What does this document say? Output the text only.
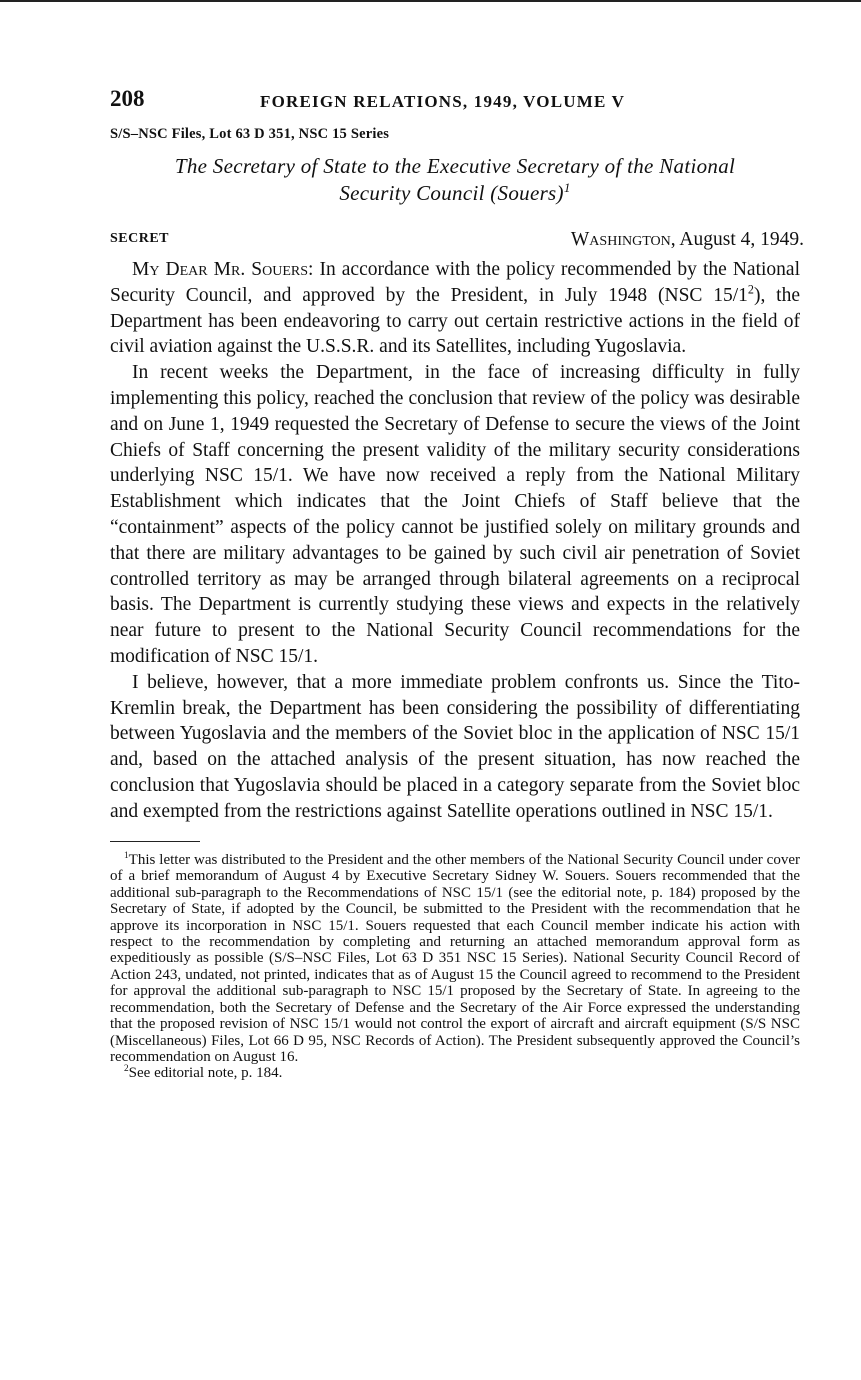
208	FOREIGN RELATIONS, 1949, VOLUME V

S/S–NSC Files, Lot 63 D 351, NSC 15 Series

The Secretary of State to the Executive Secretary of the National
Security Council (Souers)$^1$
SECRET	Washington, August 4, 1949.

My Dear Mr. Souers: In accordance with the policy recommended by the National Security Council, and approved by the President, in July 1948 (NSC $15/1^2$), the Department has been endeavoring to carry out certain restrictive actions in the field of civil aviation against the U.S.S.R. and its Satellites, including Yugoslavia.

In recent weeks the Department, in the face of increasing difficulty in fully implementing this policy, reached the conclusion that review of the policy was desirable and on June 1, 1949 requested the Secretary of Defense to secure the views of the Joint Chiefs of Staff concerning the present validity of the military security considerations underlying NSC 15/1. We have now received a reply from the National Military Establishment which indicates that the Joint Chiefs of Staff believe that the “containment” aspects of the policy cannot be justified solely on military grounds and that there are military advantages to be gained by such civil air penetration of Soviet controlled territory as may be arranged through bilateral agreements on a reciprocal basis. The Department is currently studying these views and expects in the relatively near future to present to the National Security Council recommendations for the modification of NSC 15/1.

I believe, however, that a more immediate problem confronts us. Since the Tito-Kremlin break, the Department has been considering the possibility of differentiating between Yugoslavia and the members of the Soviet bloc in the application of NSC 15/1 and, based on the attached analysis of the present situation, has now reached the conclusion that Yugoslavia should be placed in a category separate from the Soviet bloc and exempted from the restrictions against Satellite operations outlined in NSC 15/1.

$^1$This letter was distributed to the President and the other members of the National Security Council under cover of a brief memorandum of August 4 by Executive Secretary Sidney W. Souers. Souers recommended that the additional sub-paragraph to the Recommendations of NSC 15/1 (see the editorial note, p. 184) proposed by the Secretary of State, if adopted by the Council, be submitted to the President with the recommendation that he approve its incorporation in NSC 15/1. Souers requested that each Council member indicate his action with respect to the recommendation by completing and returning an attached memorandum approval form as expeditiously as possible (S/S–NSC Files, Lot 63 D 351 NSC 15 Series). National Security Council Record of Action 243, undated, not printed, indicates that as of August 15 the Council agreed to recommend to the President for approval the additional sub-paragraph to NSC 15/1 proposed by the Secretary of State. In agreeing to the recommendation, both the Secretary of Defense and the Secretary of the Air Force expressed the understanding that the proposed revision of NSC 15/1 would not control the export of aircraft and aircraft equipment (S/S NSC (Miscellaneous) Files, Lot 66 D 95, NSC Records of Action). The President subsequently approved the Council’s recommendation on August 16.

$^2$See editorial note, p. 184.
